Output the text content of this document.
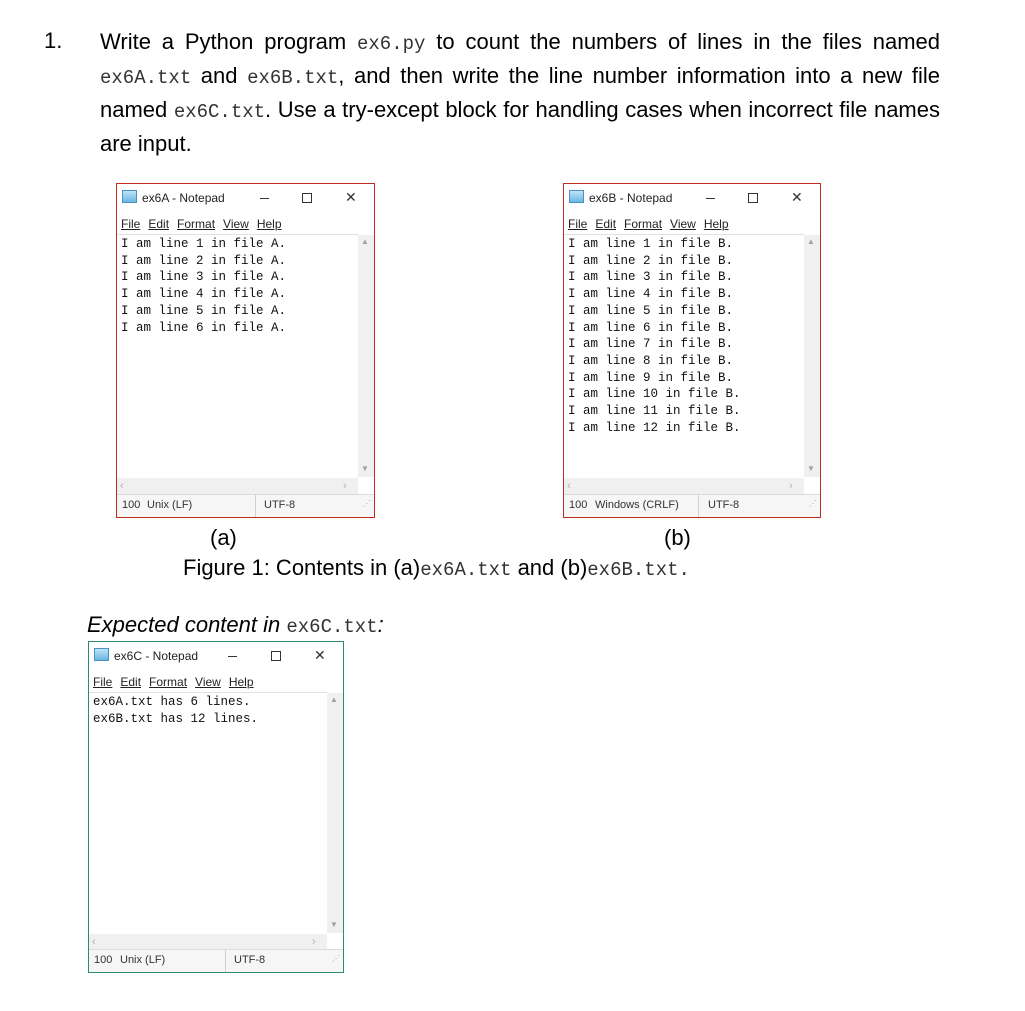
1. Write a Python program ex6.py to count the numbers of lines in the files named ex6A.txt and ex6B.txt, and then write the line number information into a new file named ex6C.txt. Use a try-except block for handling cases when incorrect file names are input.
ex6A - Notepad	✕
File Edit Format View Help
I am line 1 in file A.
I am line 2 in file A.
I am line 3 in file A.
I am line 4 in file A.
I am line 5 in file A.
I am line 6 in file A.
▲
▼
‹	›
100 Unix (LF)	UTF-8	⋰
ex6B - Notepad	✕
File Edit Format View Help
I am line 1 in file B.
I am line 2 in file B.
I am line 3 in file B.
I am line 4 in file B.
I am line 5 in file B.
I am line 6 in file B.
I am line 7 in file B.
I am line 8 in file B.
I am line 9 in file B.
I am line 10 in file B.
I am line 11 in file B.
I am line 12 in file B.
▲
▼
‹	›
100 Windows (CRLF)	UTF-8	⋰
(a)	(b)
Figure 1: Contents in (a)ex6A.txt and (b)ex6B.txt.
Expected content in ex6C.txt:
ex6C - Notepad	✕
File Edit Format View Help
ex6A.txt has 6 lines.
ex6B.txt has 12 lines.
▲
▼
‹	›
100 Unix (LF)	UTF-8	⋰
